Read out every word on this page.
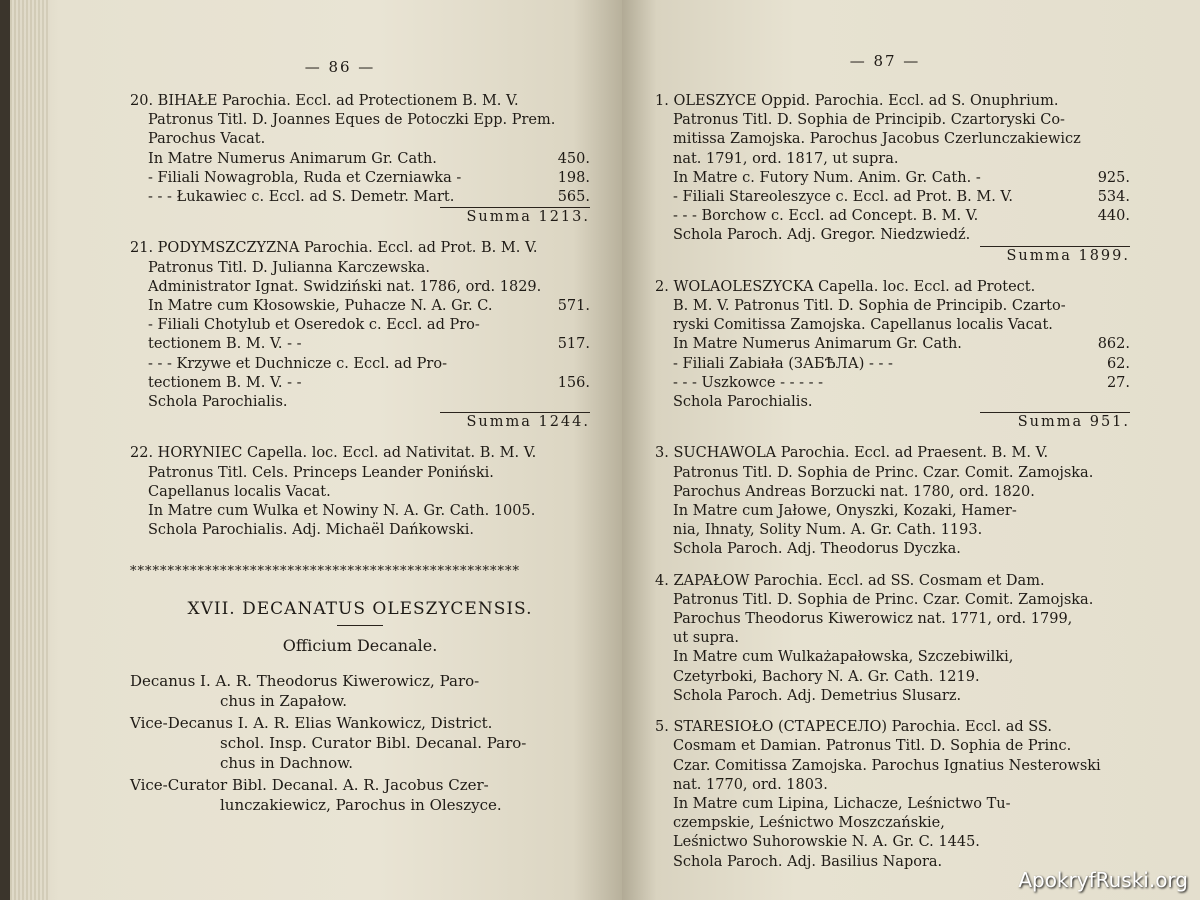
— 86 —
20. BIHAŁE Parochia. Eccl. ad Protectionem B. M. V.
Patronus Titl. D. Joannes Eques de Potoczki Epp. Prem.
Parochus Vacat.
In Matre Numerus Animarum Gr. Cath.	450.
- Filiali Nowagrobla, Ruda et Czerniawka -	198.
- - - Łukawiec c. Eccl. ad S. Demetr. Mart.	565.
Summa 1213.
21. PODYMSZCZYZNA Parochia. Eccl. ad Prot. B. M. V.
Patronus Titl. D. Julianna Karczewska.
Administrator Ignat. Swidziński nat. 1786, ord. 1829.
In Matre cum Kłosowskie, Puhacze N. A. Gr. C.	571.
- Filiali Chotylub et Oseredok c. Eccl. ad Pro-
tectionem B. M. V. - -	517.
- - - Krzywe et Duchnicze c. Eccl. ad Pro-
tectionem B. M. V. - -	156.
Schola Parochialis.
Summa 1244.
22. HORYNIEC Capella. loc. Eccl. ad Nativitat. B. M. V.
Patronus Titl. Cels. Princeps Leander Poniński.
Capellanus localis Vacat.
In Matre cum Wulka et Nowiny N. A. Gr. Cath. 1005.
Schola Parochialis. Adj. Michaël Dańkowski.
****************************************************
XVII. DECANATUS OLESZYCENSIS.
Officium Decanale.
Decanus I. A. R. Theodorus Kiwerowicz, Paro-
chus in Zapałow.
Vice-Decanus I. A. R. Elias Wankowicz, District.
schol. Insp. Curator Bibl. Decanal. Paro-
chus in Dachnow.
Vice-Curator Bibl. Decanal. A. R. Jacobus Czer-
lunczakiewicz, Parochus in Oleszyce.
— 87 —
1. OLESZYCE Oppid. Parochia. Eccl. ad S. Onuphrium.
Patronus Titl. D. Sophia de Principib. Czartoryski Co-
mitissa Zamojska. Parochus Jacobus Czerlunczakiewicz
nat. 1791, ord. 1817, ut supra.
In Matre c. Futory Num. Anim. Gr. Cath. -	925.
- Filiali Stareoleszyce c. Eccl. ad Prot. B. M. V.	534.
- - - Borchow c. Eccl. ad Concept. B. M. V.	440.
Schola Paroch. Adj. Gregor. Niedzwiedź.
Summa 1899.
2. WOLAOLESZYCKA Capella. loc. Eccl. ad Protect.
B. M. V. Patronus Titl. D. Sophia de Principib. Czarto-
ryski Comitissa Zamojska. Capellanus localis Vacat.
In Matre Numerus Animarum Gr. Cath.	862.
- Filiali Zabiała (ЗАБѢЛА) - - -	62.
- - - Uszkowce - - - - -	27.
Schola Parochialis.
Summa 951.
3. SUCHAWOLA Parochia. Eccl. ad Praesent. B. M. V.
Patronus Titl. D. Sophia de Princ. Czar. Comit. Zamojska.
Parochus Andreas Borzucki nat. 1780, ord. 1820.
In Matre cum Jałowe, Onyszki, Kozaki, Hamer-
nia, Ihnaty, Solity Num. A. Gr. Cath. 1193.
Schola Paroch. Adj. Theodorus Dyczka.
4. ZAPAŁOW Parochia. Eccl. ad SS. Cosmam et Dam.
Patronus Titl. D. Sophia de Princ. Czar. Comit. Zamojska.
Parochus Theodorus Kiwerowicz nat. 1771, ord. 1799,
ut supra.
In Matre cum Wulkażapałowska, Szczebiwilki,
Czetyrboki, Bachory N. A. Gr. Cath. 1219.
Schola Paroch. Adj. Demetrius Slusarz.
5. STARESIOŁO (СТАРЕСЕЛО) Parochia. Eccl. ad SS.
Cosmam et Damian. Patronus Titl. D. Sophia de Princ.
Czar. Comitissa Zamojska. Parochus Ignatius Nesterowski
nat. 1770, ord. 1803.
In Matre cum Lipina, Lichacze, Leśnictwo Tu-
czempskie, Leśnictwo Moszczańskie,
Leśnictwo Suhorowskie N. A. Gr. C. 1445.
Schola Paroch. Adj. Basilius Napora.
ApokryfRuski.org
